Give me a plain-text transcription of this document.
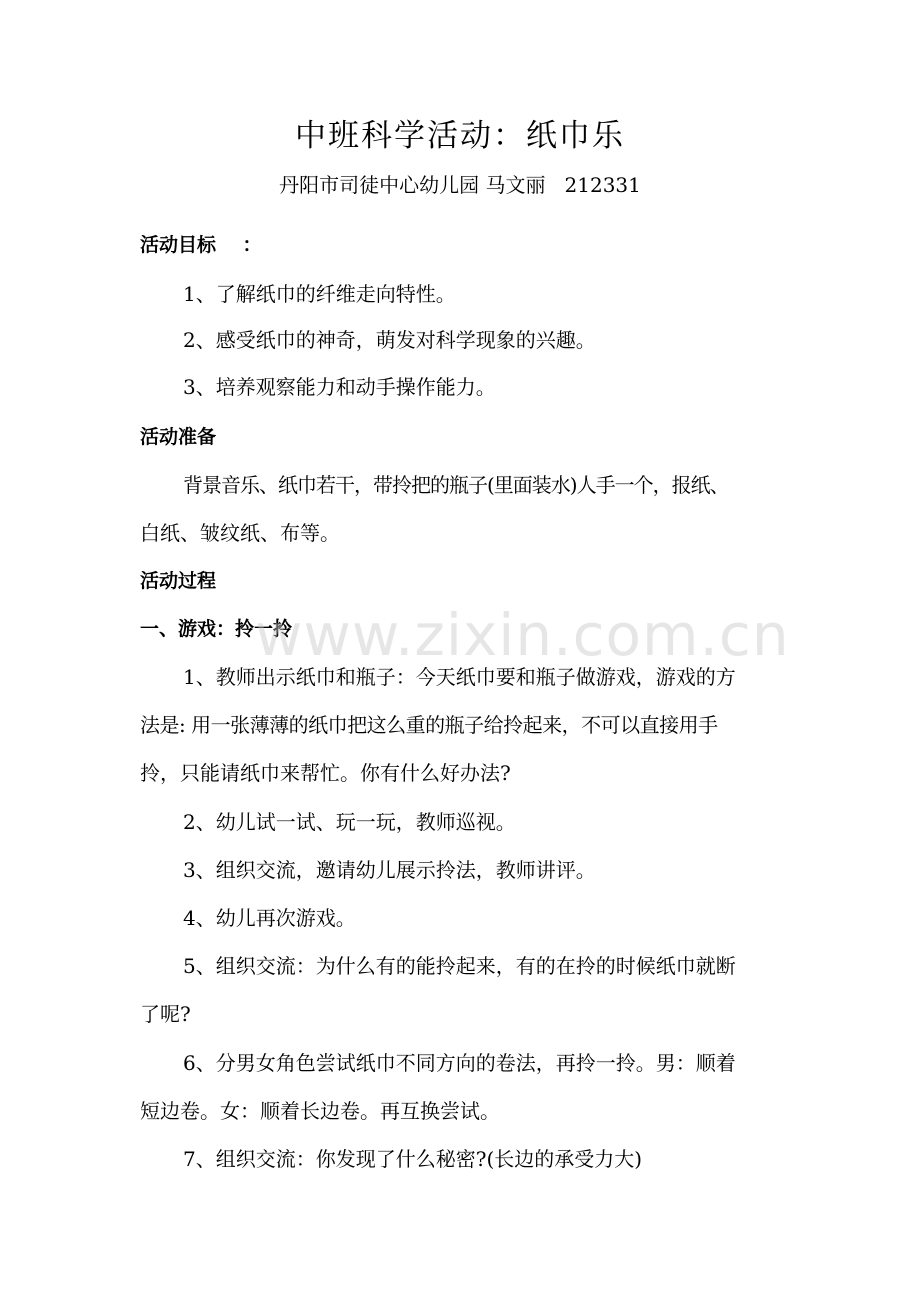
中班科学活动：纸巾乐
丹阳市司徒中心幼儿园 马文丽   212331
活动目标    ：
1、了解纸巾的纤维走向特性。
2、感受纸巾的神奇，萌发对科学现象的兴趣。
3、培养观察能力和动手操作能力。
活动准备
背景音乐、纸巾若干，带拎把的瓶子(里面装水)人手一个，报纸、
白纸、皱纹纸、布等。
活动过程
一、游戏：拎一拎
1、教师出示纸巾和瓶子：今天纸巾要和瓶子做游戏，游戏的方
法是: 用一张薄薄的纸巾把这么重的瓶子给拎起来，不可以直接用手
拎，只能请纸巾来帮忙。你有什么好办法?
2、幼儿试一试、玩一玩，教师巡视。
3、组织交流，邀请幼儿展示拎法，教师讲评。
4、幼儿再次游戏。
5、组织交流：为什么有的能拎起来，有的在拎的时候纸巾就断
了呢?
6、分男女角色尝试纸巾不同方向的卷法，再拎一拎。男：顺着
短边卷。女：顺着长边卷。再互换尝试。
7、组织交流：你发现了什么秘密?(长边的承受力大)
www.zixin.com.cn
